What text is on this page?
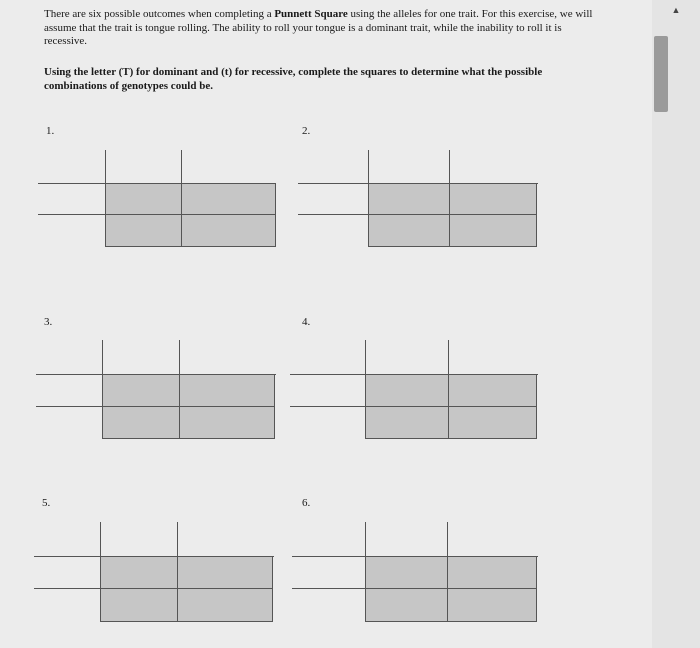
There are six possible outcomes when completing a Punnett Square using the alleles for one trait. For this exercise, we will assume that the trait is tongue rolling. The ability to roll your tongue is a dominant trait, while the inability to roll it is recessive.
Using the letter (T) for dominant and (t) for recessive, complete the squares to determine what the possible combinations of genotypes could be.
1.	2.
3.	4.
5.	6.
▲
